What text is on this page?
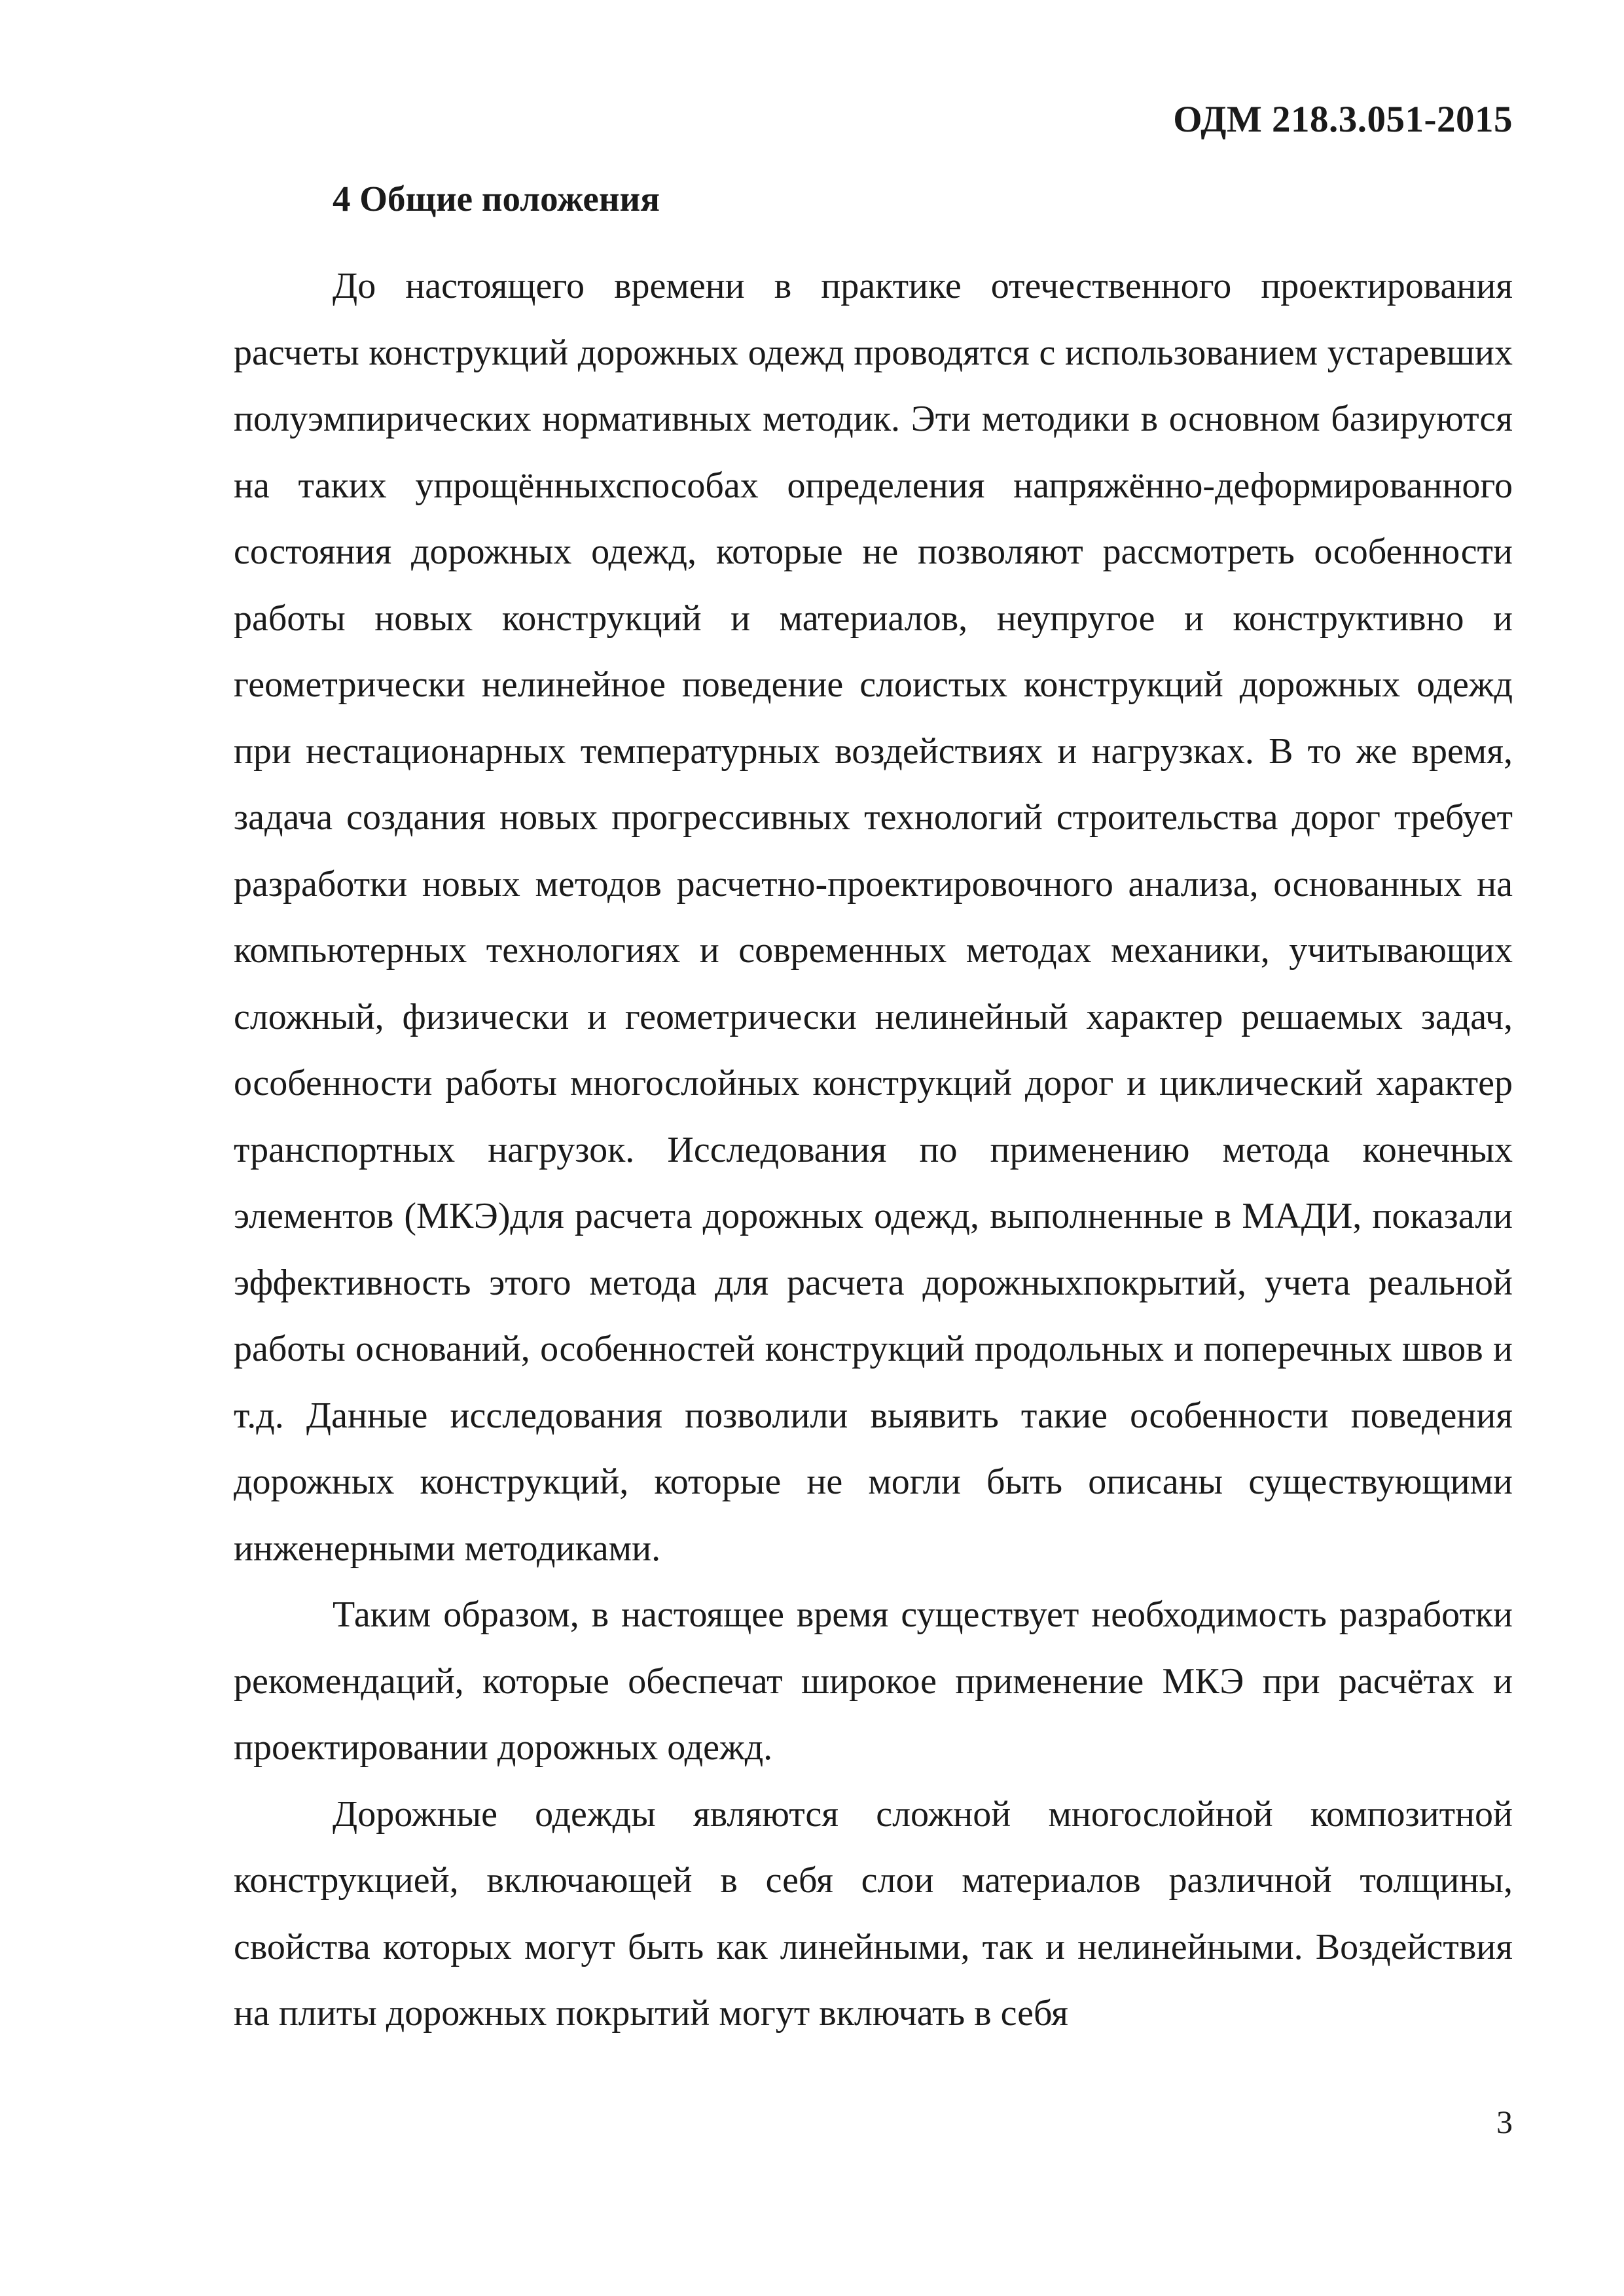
ОДМ 218.3.051-2015
4 Общие положения

До настоящего времени в практике отечественного проектирования расчеты конструкций дорожных одежд проводятся с использованием устаревших полуэмпирических нормативных методик. Эти методики в основном базируются на таких упрощённыхспособах определения напряжённо-деформированного состояния дорожных одежд, которые не позволяют рассмотреть особенности работы новых конструкций и материалов, неупругое и конструктивно и геометрически нелинейное поведение слоистых конструкций дорожных одежд при нестационарных температурных воздействиях и нагрузках. В то же время, задача создания новых прогрессивных технологий строительства дорог требует разработки новых методов расчетно-проектировочного анализа, основанных на компьютерных технологиях и современных методах механики, учитывающих сложный, физически и геометрически нелинейный характер решаемых задач, особенности работы многослойных конструкций дорог и циклический характер транспортных нагрузок. Исследования по применению метода конечных элементов (МКЭ)для расчета дорожных одежд, выполненные в МАДИ, показали эффективность этого метода для расчета дорожныхпокрытий, учета реальной работы оснований, особенностей конструкций продольных и поперечных швов и т.д. Данные исследования позволили выявить такие особенности поведения дорожных конструкций, которые не могли быть описаны существующими инженерными методиками.

Таким образом, в настоящее время существует необходимость разработки рекомендаций, которые обеспечат широкое применение МКЭ при расчётах и проектировании дорожных одежд.

Дорожные одежды являются сложной многослойной композитной конструкцией, включающей в себя слои материалов различной толщины, свойства которых могут быть как линейными, так и нелинейными. Воздействия на плиты дорожных покрытий могут включать в себя

3
